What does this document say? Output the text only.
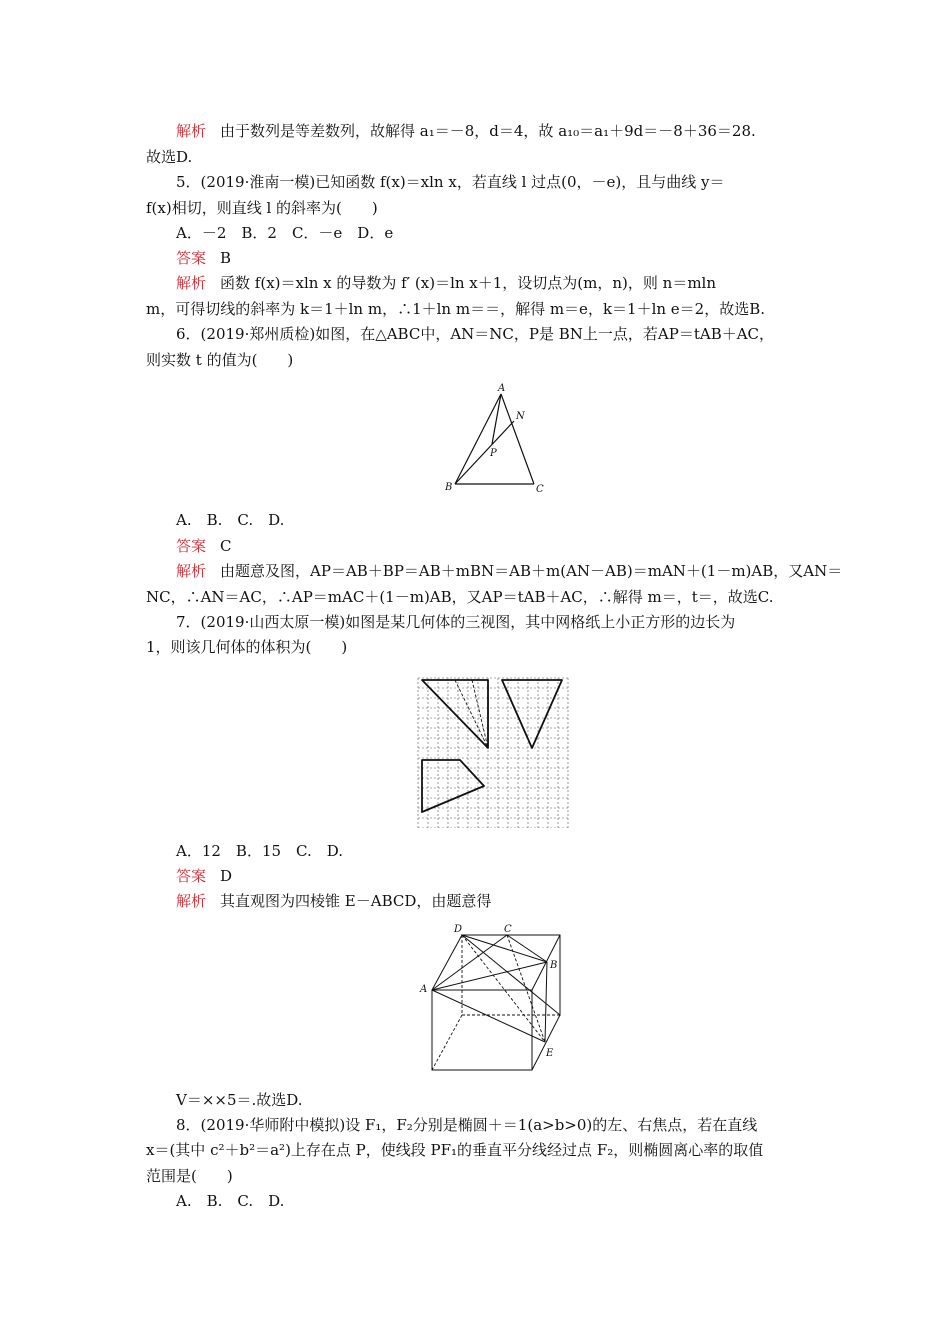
解析 由于数列是等差数列，故解得 a₁＝－8，d＝4，故 a₁₀＝a₁＋9d＝－8＋36＝28.
故选D.
5．(2019·淮南一模)已知函数 f(x)＝xln x，若直线 l 过点(0，－e)，且与曲线 y＝
f(x)相切，则直线 l 的斜率为(　　)
A．－2　B．2　C．－e　D．e
答案 B
解析 函数 f(x)＝xln x 的导数为 f′ (x)＝ln x＋1，设切点为(m，n)，则 n＝mln
m，可得切线的斜率为 k＝1＋ln m，∴1＋ln m＝＝，解得 m＝e，k＝1＋ln e＝2，故选B.
6．(2019·郑州质检)如图，在△ABC中，AN＝NC，P是 BN上一点，若AP＝tAB＋AC，
则实数 t 的值为(　　)
A
N
P
B	C
A.　B.　C.　D.
答案 C
解析 由题意及图，AP＝AB＋BP＝AB＋mBN＝AB＋m(AN－AB)＝mAN＋(1－m)AB，又AN＝
NC，∴AN＝AC，∴AP＝mAC＋(1－m)AB，又AP＝tAB＋AC，∴解得 m＝，t＝，故选C.
7．(2019·山西太原一模)如图是某几何体的三视图，其中网格纸上小正方形的边长为
1，则该几何体的体积为(　　)
A．12　B．15　C.　D.
答案 D
解析 其直观图为四棱锥 E－ABCD，由题意得
D	C
B
A
E
V＝××5＝.故选D.
8．(2019·华师附中模拟)设 F₁，F₂分别是椭圆＋＝1(a>b>0)的左、右焦点，若在直线
x＝(其中 c²＋b²＝a²)上存在点 P，使线段 PF₁的垂直平分线经过点 F₂，则椭圆离心率的取值
范围是(　　)
A.　B.　C.　D.
